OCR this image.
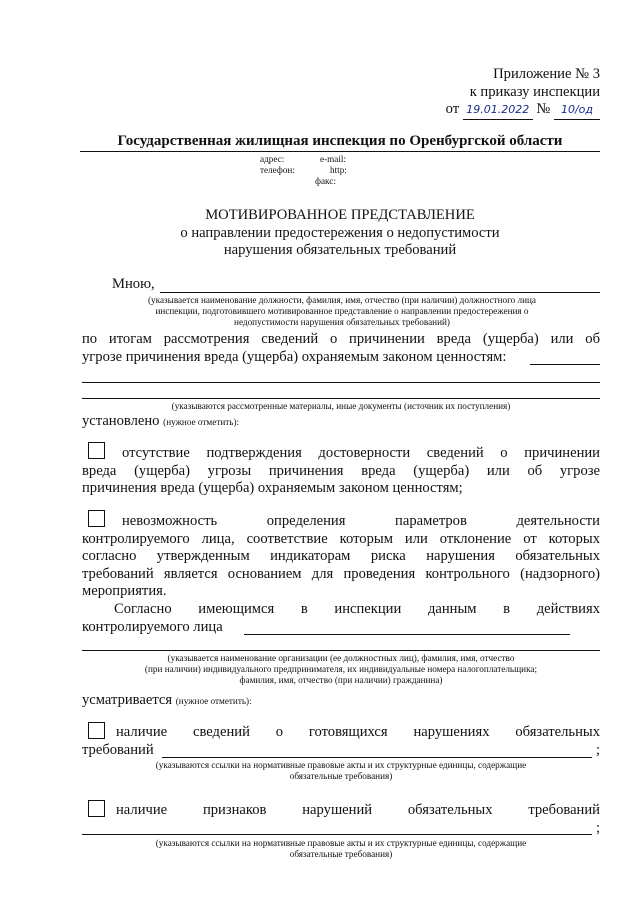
Приложение № 3
к приказу инспекции
от 19.01.2022 № 10/од
Государственная жилищная инспекция по Оренбургской области
адрес:	e-mail:
телефон:	http:
факс:
МОТИВИРОВАННОЕ ПРЕДСТАВЛЕНИЕ
о направлении предостережения о недопустимости
нарушения обязательных требований
Мною,
(указывается наименование должности, фамилия, имя, отчество (при наличии) должностного лица
инспекции, подготовившего мотивированное представление о направлении предостережения о
недопустимости нарушения обязательных требований)
по итогам рассмотрения сведений о причинении вреда (ущерба) или об
угрозе причинения вреда (ущерба) охраняемым законом ценностям:
(указываются рассмотренные материалы, иные документы (источник их поступления)
установлено (нужное отметить):
отсутствие подтверждения достоверности сведений о причинении
вреда (ущерба) угрозы причинения вреда (ущерба) или об угрозе
причинения вреда (ущерба) охраняемым законом ценностям;
невозможность определения параметров деятельности
контролируемого лица, соответствие которым или отклонение от которых
согласно утвержденным индикаторам риска нарушения обязательных
требований является основанием для проведения контрольного (надзорного)
мероприятия.
Согласно имеющимся в инспекции данным в действиях
контролируемого лица
(указывается наименование организации (ее должностных лиц), фамилия, имя, отчество
(при наличии) индивидуального предпринимателя, их индивидуальные номера налогоплательщика;
фамилия, имя, отчество (при наличии) гражданина)
усматривается (нужное отметить):
наличие сведений о готовящихся нарушениях обязательных
требований	;
(указываются ссылки на нормативные правовые акты и их структурные единицы, содержащие
обязательные требования)
наличие признаков нарушений обязательных требований
;
(указываются ссылки на нормативные правовые акты и их структурные единицы, содержащие
обязательные требования)
